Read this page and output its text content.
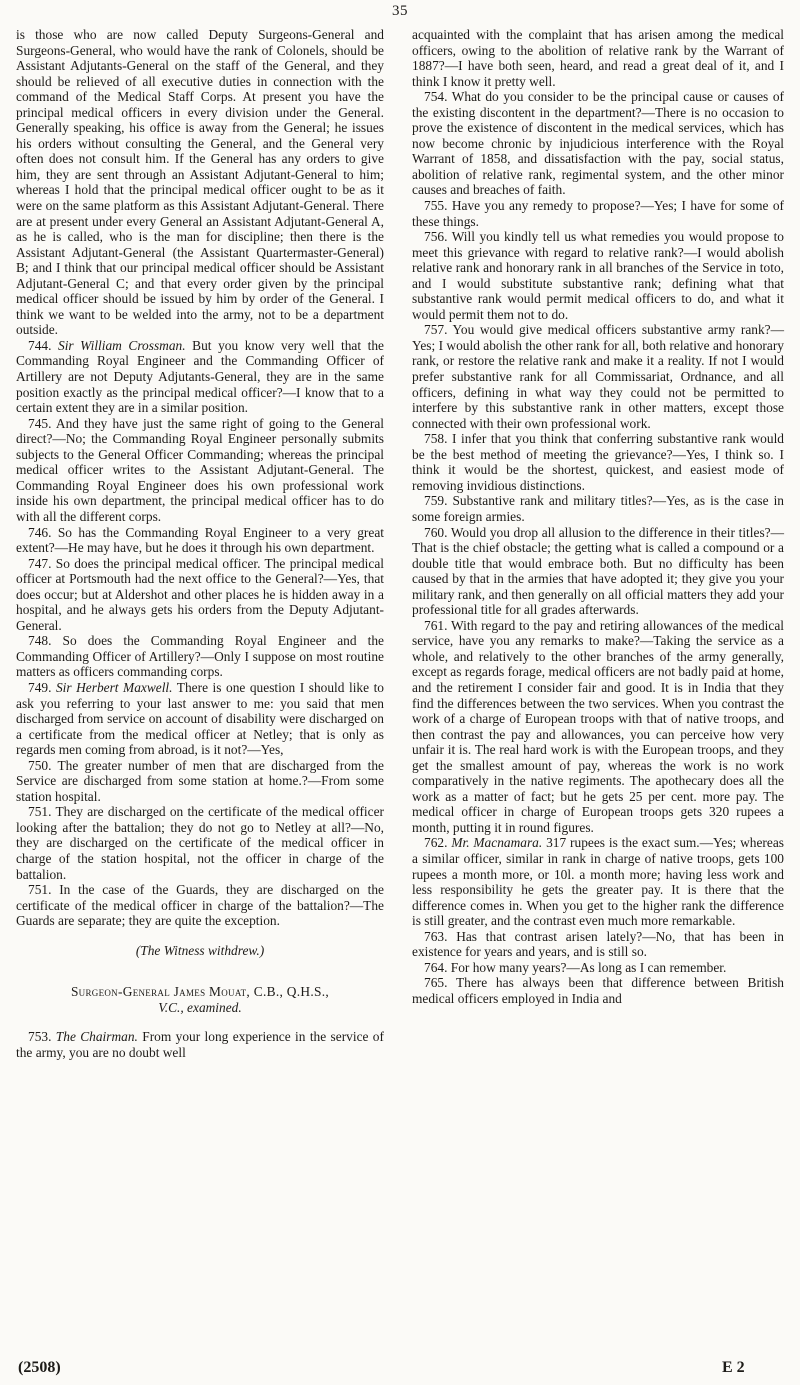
35

is those who are now called Deputy Surgeons-General and Surgeons-General, who would have the rank of Colonels, should be Assistant Adjutants-General on the staff of the General, and they should be relieved of all executive duties in connection with the command of the Medical Staff Corps. At present you have the principal medical officers in every division under the General. Generally speaking, his office is away from the General; he issues his orders without consulting the General, and the General very often does not consult him. If the General has any orders to give him, they are sent through an Assistant Adjutant-General to him; whereas I hold that the principal medical officer ought to be as it were on the same platform as this Assistant Adjutant-General. There are at present under every General an Assistant Adjutant-General A, as he is called, who is the man for discipline; then there is the Assistant Adjutant-General (the Assistant Quartermaster-General) B; and I think that our principal medical officer should be Assistant Adjutant-General C; and that every order given by the principal medical officer should be issued by him by order of the General. I think we want to be welded into the army, not to be a department outside.

744. Sir William Crossman. But you know very well that the Commanding Royal Engineer and the Commanding Officer of Artillery are not Deputy Adjutants-General, they are in the same position exactly as the principal medical officer?—I know that to a certain extent they are in a similar position.

745. And they have just the same right of going to the General direct?—No; the Commanding Royal Engineer personally submits subjects to the General Officer Commanding; whereas the principal medical officer writes to the Assistant Adjutant-General. The Commanding Royal Engineer does his own professional work inside his own department, the principal medical officer has to do with all the different corps.

746. So has the Commanding Royal Engineer to a very great extent?—He may have, but he does it through his own department.

747. So does the principal medical officer. The principal medical officer at Portsmouth had the next office to the General?—Yes, that does occur; but at Aldershot and other places he is hidden away in a hospital, and he always gets his orders from the Deputy Adjutant-General.

748. So does the Commanding Royal Engineer and the Commanding Officer of Artillery?—Only I suppose on most routine matters as officers commanding corps.

749. Sir Herbert Maxwell. There is one question I should like to ask you referring to your last answer to me: you said that men discharged from service on account of disability were discharged on a certificate from the medical officer at Netley; that is only as regards men coming from abroad, is it not?—Yes,

750. The greater number of men that are discharged from the Service are discharged from some station at home.?—From some station hospital.

751. They are discharged on the certificate of the medical officer looking after the battalion; they do not go to Netley at all?—No, they are discharged on the certificate of the medical officer in charge of the station hospital, not the officer in charge of the battalion.

751. In the case of the Guards, they are discharged on the certificate of the medical officer in charge of the battalion?—The Guards are separate; they are quite the exception.

(The Witness withdrew.)

Surgeon-General James Mouat, C.B., Q.H.S.,
V.C., examined.

753. The Chairman. From your long experience in the service of the army, you are no doubt well

acquainted with the complaint that has arisen among the medical officers, owing to the abolition of relative rank by the Warrant of 1887?—I have both seen, heard, and read a great deal of it, and I think I know it pretty well.

754. What do you consider to be the principal cause or causes of the existing discontent in the department?—There is no occasion to prove the existence of discontent in the medical services, which has now become chronic by injudicious interference with the Royal Warrant of 1858, and dissatisfaction with the pay, social status, abolition of relative rank, regimental system, and the other minor causes and breaches of faith.

755. Have you any remedy to propose?—Yes; I have for some of these things.

756. Will you kindly tell us what remedies you would propose to meet this grievance with regard to relative rank?—I would abolish relative rank and honorary rank in all branches of the Service in toto, and I would substitute substantive rank; defining what that substantive rank would permit medical officers to do, and what it would permit them not to do.

757. You would give medical officers substantive army rank?—Yes; I would abolish the other rank for all, both relative and honorary rank, or restore the relative rank and make it a reality. If not I would prefer substantive rank for all Commissariat, Ordnance, and all officers, defining in what way they could not be permitted to interfere by this substantive rank in other matters, except those connected with their own professional work.

758. I infer that you think that conferring substantive rank would be the best method of meeting the grievance?—Yes, I think so. I think it would be the shortest, quickest, and easiest mode of removing invidious distinctions.

759. Substantive rank and military titles?—Yes, as is the case in some foreign armies.

760. Would you drop all allusion to the difference in their titles?—That is the chief obstacle; the getting what is called a compound or a double title that would embrace both. But no difficulty has been caused by that in the armies that have adopted it; they give you your military rank, and then generally on all official matters they add your professional title for all grades afterwards.

761. With regard to the pay and retiring allowances of the medical service, have you any remarks to make?—Taking the service as a whole, and relatively to the other branches of the army generally, except as regards forage, medical officers are not badly paid at home, and the retirement I consider fair and good. It is in India that they find the differences between the two services. When you contrast the work of a charge of European troops with that of native troops, and then contrast the pay and allowances, you can perceive how very unfair it is. The real hard work is with the European troops, and they get the smallest amount of pay, whereas the work is no work comparatively in the native regiments. The apothecary does all the work as a matter of fact; but he gets 25 per cent. more pay. The medical officer in charge of European troops gets 320 rupees a month, putting it in round figures.

762. Mr. Macnamara. 317 rupees is the exact sum.—Yes; whereas a similar officer, similar in rank in charge of native troops, gets 100 rupees a month more, or 10l. a month more; having less work and less responsibility he gets the greater pay. It is there that the difference comes in. When you get to the higher rank the difference is still greater, and the contrast even much more remarkable.

763. Has that contrast arisen lately?—No, that has been in existence for years and years, and is still so.

764. For how many years?—As long as I can remember.

765. There has always been that difference between British medical officers employed in India and

(2508)	E 2
